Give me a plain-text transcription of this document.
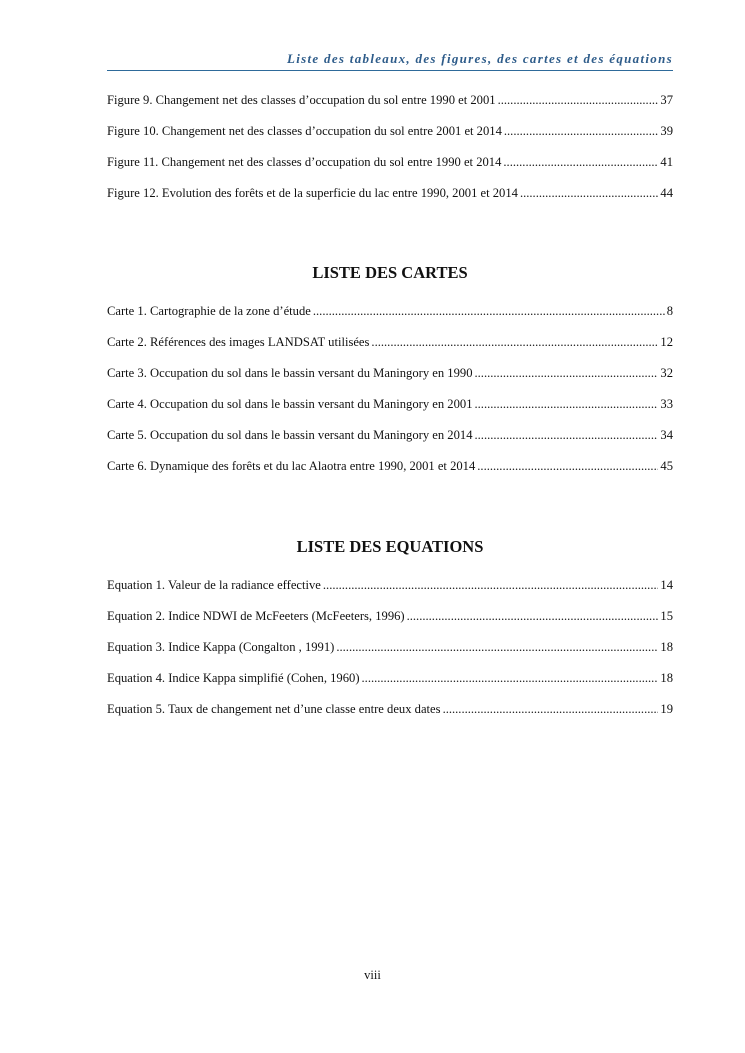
Liste des tableaux, des figures, des cartes et des équations
Figure 9. Changement net des classes d’occupation du sol entre 1990 et 2001 .....	37
Figure 10. Changement net des classes d’occupation du sol entre 2001 et 2014 .....	39
Figure 11. Changement net des classes d’occupation du sol entre 1990 et 2014 .....	41
Figure 12. Evolution des forêts et de la superficie du lac entre 1990, 2001 et 2014 .....	44
LISTE DES CARTES
Carte 1. Cartographie de la zone d’étude .....	8
Carte 2. Références des images LANDSAT utilisées .....	12
Carte 3. Occupation du sol dans le bassin versant du Maningory en 1990 .....	32
Carte 4. Occupation du sol dans le bassin versant du Maningory en 2001 .....	33
Carte 5. Occupation du sol dans le bassin versant du Maningory en 2014 .....	34
Carte 6. Dynamique des forêts et du lac Alaotra entre 1990, 2001 et 2014 .....	45
LISTE DES EQUATIONS
Equation 1. Valeur de la radiance effective .....	14
Equation 2. Indice NDWI de McFeeters (McFeeters, 1996) .....	15
Equation 3. Indice Kappa (Congalton , 1991) .....	18
Equation 4. Indice Kappa simplifié (Cohen, 1960) .....	18
Equation 5. Taux de changement net d’une classe entre deux dates .....	19
viii
